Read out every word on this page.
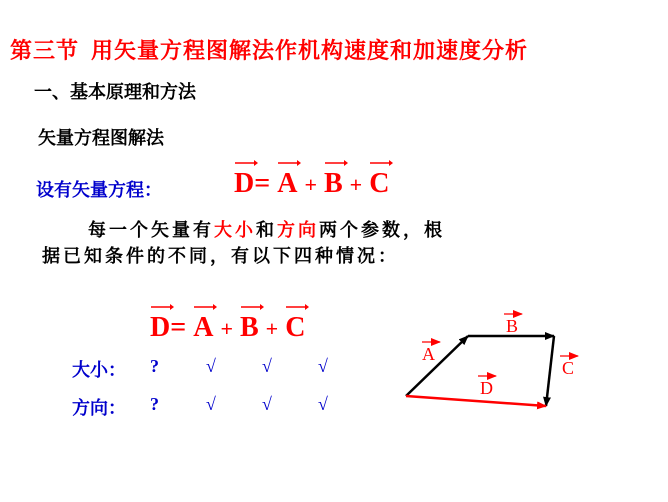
第三节 用矢量方程图解法作机构速度和加速度分析
一、基本原理和方法
矢量方程图解法
设有矢量方程：	D= A + B + C
每一个矢量有大小和方向两个参数，根据已知条件的不同，有以下四种情况：
D= A + B + C
大小： ?	√	√	√
方向： ?	√	√	√
B
A
C
D
